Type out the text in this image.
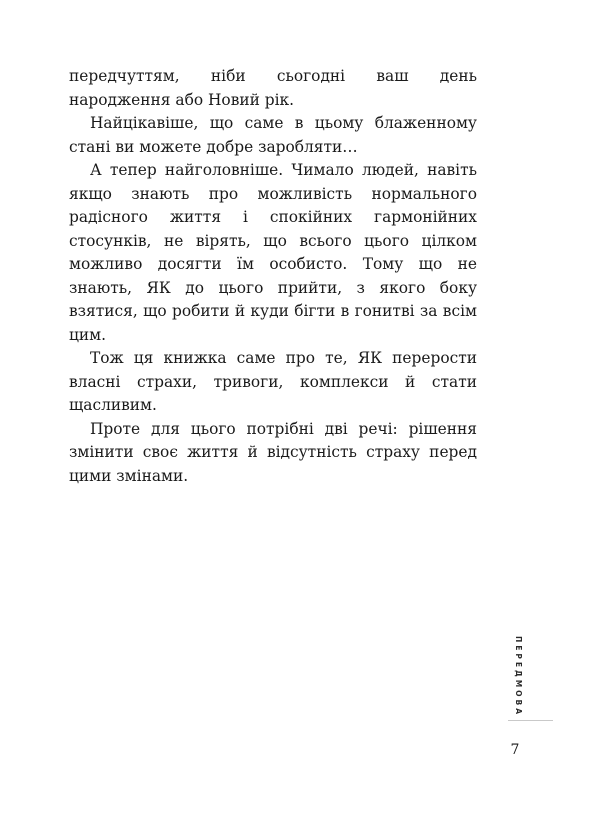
передчуттям, ніби сьогодні ваш день народження або Новий рік.

Найцікавіше, що саме в цьому блаженному стані ви можете добре заробляти…

А тепер найголовніше. Чимало людей, навіть якщо знають про можливість нормального радісного життя і спокійних гармонійних стосунків, не вірять, що всього цього цілком можливо досягти їм особисто. Тому що не знають, ЯК до цього прийти, з якого боку взятися, що робити й куди бігти в гонитві за всім цим.

Тож ця книжка саме про те, ЯК перерости власні страхи, тривоги, комплекси й стати щасливим.

Проте для цього потрібні дві речі: рішення змінити своє життя й відсутність страху перед цими змінами.

ПЕРЕДМОВА
7
